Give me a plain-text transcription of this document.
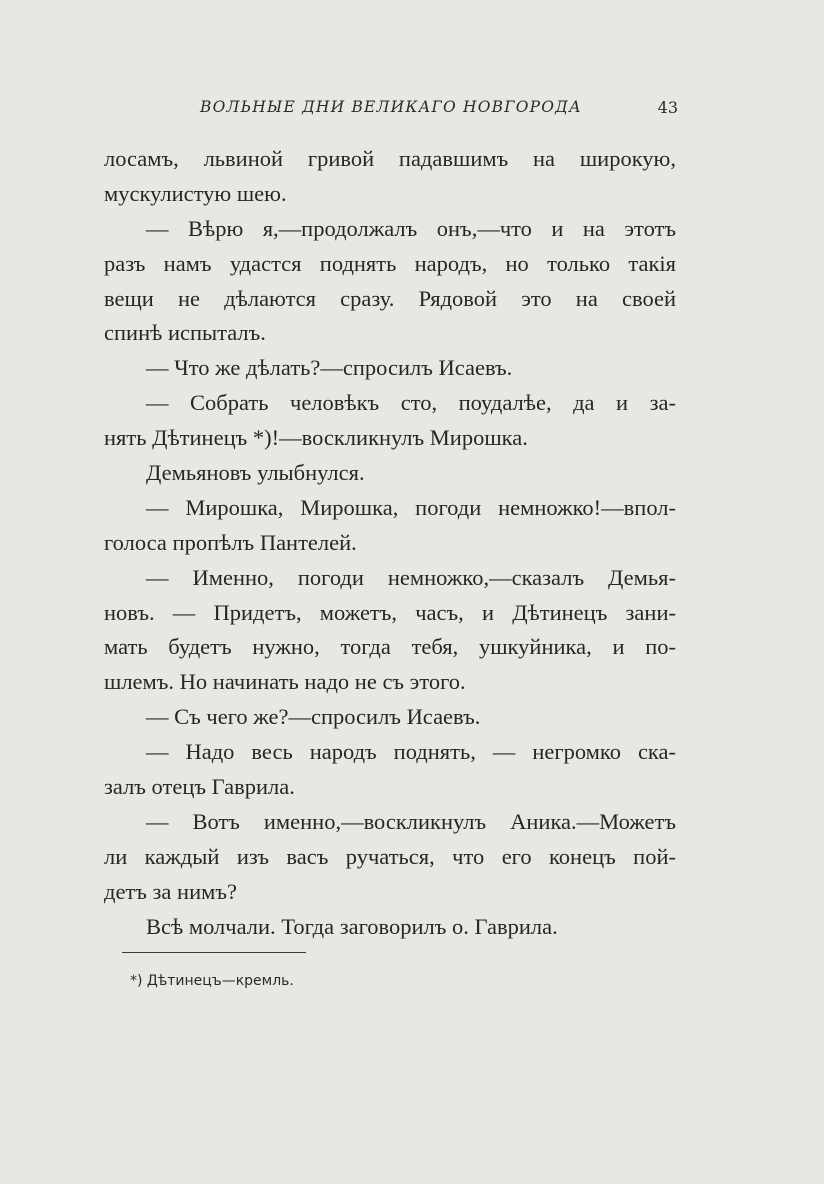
ВОЛЬНЫЕ ДНИ ВЕЛИКАГО НОВГОРОДА	43
лосамъ, львиной гривой падавшимъ на широкую,
мускулистую шею.
— Вѣрю я,—продолжалъ онъ,—что и на этотъ
разъ намъ удастся поднять народъ, но только такія
вещи не дѣлаются сразу. Рядовой это на своей
спинѣ испыталъ.
— Что же дѣлать?—спросилъ Исаевъ.
— Собрать человѣкъ сто, поудалѣе, да и за-
нять Дѣтинецъ *)!—воскликнулъ Мирошка.
Демьяновъ улыбнулся.
— Мирошка, Мирошка, погоди немножко!—впол-
голоса пропѣлъ Пантелей.
— Именно, погоди немножко,—сказалъ Демья-
новъ. — Придетъ, можетъ, часъ, и Дѣтинецъ зани-
мать будетъ нужно, тогда тебя, ушкуйника, и по-
шлемъ. Но начинать надо не съ этого.
— Съ чего же?—спросилъ Исаевъ.
— Надо весь народъ поднять, — негромко ска-
залъ отецъ Гаврила.
— Вотъ именно,—воскликнулъ Аника.—Можетъ
ли каждый изъ васъ ручаться, что его конецъ пой-
детъ за нимъ?
Всѣ молчали. Тогда заговорилъ о. Гаврила.
*) Дѣтинецъ—кремль.
